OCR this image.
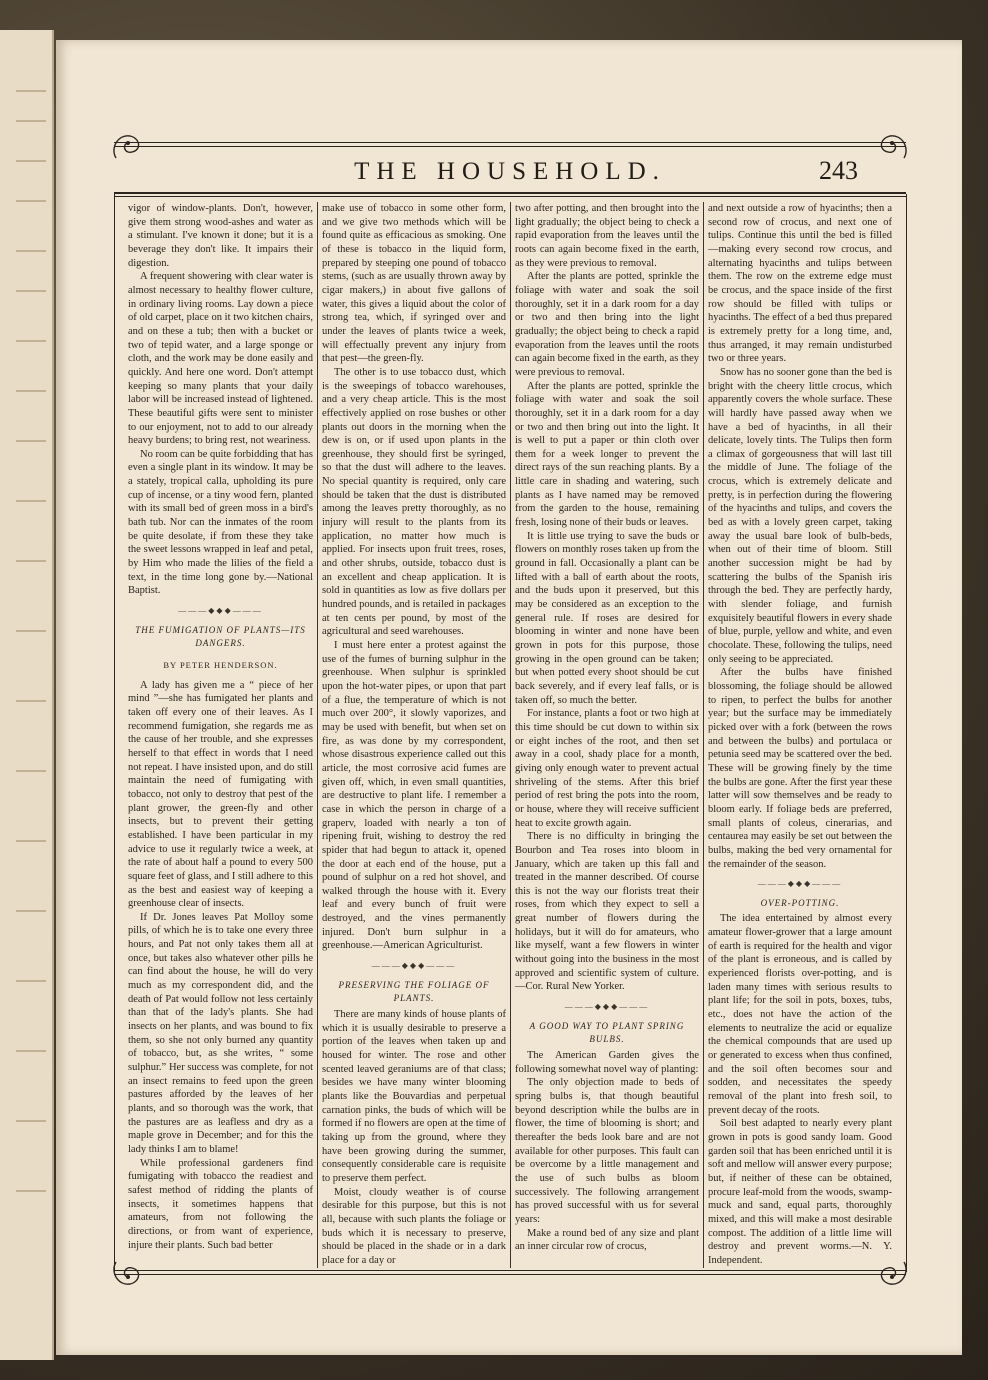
THE HOUSEHOLD.	243

vigor of window-plants. Don't, however, give them strong wood-ashes and water as a stimulant. I've known it done; but it is a beverage they don't like. It impairs their digestion.

A frequent showering with clear water is almost necessary to healthy flower culture, in ordinary living rooms. Lay down a piece of old carpet, place on it two kitchen chairs, and on these a tub; then with a bucket or two of tepid water, and a large sponge or cloth, and the work may be done easily and quickly. And here one word. Don't attempt keeping so many plants that your daily labor will be increased instead of lightened. These beautiful gifts were sent to minister to our enjoyment, not to add to our already heavy burdens; to bring rest, not weariness.

No room can be quite forbidding that has even a single plant in its window. It may be a stately, tropical calla, upholding its pure cup of incense, or a tiny wood fern, planted with its small bed of green moss in a bird's bath tub. Nor can the inmates of the room be quite desolate, if from these they take the sweet lessons wrapped in leaf and petal, by Him who made the lilies of the field a text, in the time long gone by.—National Baptist.

———◆◆◆———

THE FUMIGATION OF PLANTS—ITS DANGERS.

BY PETER HENDERSON.

A lady has given me a “ piece of her mind ”—she has fumigated her plants and taken off every one of their leaves. As I recommend fumigation, she regards me as the cause of her trouble, and she expresses herself to that effect in words that I need not repeat. I have insisted upon, and do still maintain the need of fumigating with tobacco, not only to destroy that pest of the plant grower, the green-fly and other insects, but to prevent their getting established. I have been particular in my advice to use it regularly twice a week, at the rate of about half a pound to every 500 square feet of glass, and I still adhere to this as the best and easiest way of keeping a greenhouse clear of insects.

If Dr. Jones leaves Pat Molloy some pills, of which he is to take one every three hours, and Pat not only takes them all at once, but takes also whatever other pills he can find about the house, he will do very much as my correspondent did, and the death of Pat would follow not less certainly than that of the lady's plants. She had insects on her plants, and was bound to fix them, so she not only burned any quantity of tobacco, but, as she writes, “ some sulphur.” Her success was complete, for not an insect remains to feed upon the green pastures afforded by the leaves of her plants, and so thorough was the work, that the pastures are as leafless and dry as a maple grove in December; and for this the lady thinks I am to blame!

While professional gardeners find fumigating with tobacco the readiest and safest method of ridding the plants of insects, it sometimes happens that amateurs, from not following the directions, or from want of experience, injure their plants. Such bad better

make use of tobacco in some other form, and we give two methods which will be found quite as efficacious as smoking. One of these is tobacco in the liquid form, prepared by steeping one pound of tobacco stems, (such as are usually thrown away by cigar makers,) in about five gallons of water, this gives a liquid about the color of strong tea, which, if syringed over and under the leaves of plants twice a week, will effectually prevent any injury from that pest—the green-fly.

The other is to use tobacco dust, which is the sweepings of tobacco warehouses, and a very cheap article. This is the most effectively applied on rose bushes or other plants out doors in the morning when the dew is on, or if used upon plants in the greenhouse, they should first be syringed, so that the dust will adhere to the leaves. No special quantity is required, only care should be taken that the dust is distributed among the leaves pretty thoroughly, as no injury will result to the plants from its application, no matter how much is applied. For insects upon fruit trees, roses, and other shrubs, outside, tobacco dust is an excellent and cheap application. It is sold in quantities as low as five dollars per hundred pounds, and is retailed in packages at ten cents per pound, by most of the agricultural and seed warehouses.

I must here enter a protest against the use of the fumes of burning sulphur in the greenhouse. When sulphur is sprinkled upon the hot-water pipes, or upon that part of a flue, the temperature of which is not much over 200°, it slowly vaporizes, and may be used with benefit, but when set on fire, as was done by my correspondent, whose disastrous experience called out this article, the most corrosive acid fumes are given off, which, in even small quantities, are destructive to plant life. I remember a case in which the person in charge of a graperv, loaded with nearly a ton of ripening fruit, wishing to destroy the red spider that had begun to attack it, opened the door at each end of the house, put a pound of sulphur on a red hot shovel, and walked through the house with it. Every leaf and every bunch of fruit were destroyed, and the vines permanently injured. Don't burn sulphur in a greenhouse.—American Agriculturist.

———◆◆◆———

PRESERVING THE FOLIAGE OF PLANTS.

There are many kinds of house plants of which it is usually desirable to preserve a portion of the leaves when taken up and housed for winter. The rose and other scented leaved geraniums are of that class; besides we have many winter blooming plants like the Bouvardias and perpetual carnation pinks, the buds of which will be formed if no flowers are open at the time of taking up from the ground, where they have been growing during the summer, consequently considerable care is requisite to preserve them perfect.

Moist, cloudy weather is of course desirable for this purpose, but this is not all, because with such plants the foliage or buds which it is necessary to preserve, should be placed in the shade or in a dark place for a day or

two after potting, and then brought into the light gradually; the object being to check a rapid evaporation from the leaves until the roots can again become fixed in the earth, as they were previous to removal.

After the plants are potted, sprinkle the foliage with water and soak the soil thoroughly, set it in a dark room for a day or two and then bring into the light gradually; the object being to check a rapid evaporation from the leaves until the roots can again become fixed in the earth, as they were previous to removal.

After the plants are potted, sprinkle the foliage with water and soak the soil thoroughly, set it in a dark room for a day or two and then bring out into the light. It is well to put a paper or thin cloth over them for a week longer to prevent the direct rays of the sun reaching plants. By a little care in shading and watering, such plants as I have named may be removed from the garden to the house, remaining fresh, losing none of their buds or leaves.

It is little use trying to save the buds or flowers on monthly roses taken up from the ground in fall. Occasionally a plant can be lifted with a ball of earth about the roots, and the buds upon it preserved, but this may be considered as an exception to the general rule. If roses are desired for blooming in winter and none have been grown in pots for this purpose, those growing in the open ground can be taken; but when potted every shoot should be cut back severely, and if every leaf falls, or is taken off, so much the better.

For instance, plants a foot or two high at this time should be cut down to within six or eight inches of the root, and then set away in a cool, shady place for a month, giving only enough water to prevent actual shriveling of the stems. After this brief period of rest bring the pots into the room, or house, where they will receive sufficient heat to excite growth again.

There is no difficulty in bringing the Bourbon and Tea roses into bloom in January, which are taken up this fall and treated in the manner described. Of course this is not the way our florists treat their roses, from which they expect to sell a great number of flowers during the holidays, but it will do for amateurs, who like myself, want a few flowers in winter without going into the business in the most approved and scientific system of culture.—Cor. Rural New Yorker.

———◆◆◆———

A GOOD WAY TO PLANT SPRING BULBS.

The American Garden gives the following somewhat novel way of planting:

The only objection made to beds of spring bulbs is, that though beautiful beyond description while the bulbs are in flower, the time of blooming is short; and thereafter the beds look bare and are not available for other purposes. This fault can be overcome by a little management and the use of such bulbs as bloom successively. The following arrangement has proved successful with us for several years:

Make a round bed of any size and plant an inner circular row of crocus,

and next outside a row of hyacinths; then a second row of crocus, and next one of tulips. Continue this until the bed is filled—making every second row crocus, and alternating hyacinths and tulips between them. The row on the extreme edge must be crocus, and the space inside of the first row should be filled with tulips or hyacinths. The effect of a bed thus prepared is extremely pretty for a long time, and, thus arranged, it may remain undisturbed two or three years.

Snow has no sooner gone than the bed is bright with the cheery little crocus, which apparently covers the whole surface. These will hardly have passed away when we have a bed of hyacinths, in all their delicate, lovely tints. The Tulips then form a climax of gorgeousness that will last till the middle of June. The foliage of the crocus, which is extremely delicate and pretty, is in perfection during the flowering of the hyacinths and tulips, and covers the bed as with a lovely green carpet, taking away the usual bare look of bulb-beds, when out of their time of bloom. Still another succession might be had by scattering the bulbs of the Spanish iris through the bed. They are perfectly hardy, with slender foliage, and furnish exquisitely beautiful flowers in every shade of blue, purple, yellow and white, and even chocolate. These, following the tulips, need only seeing to be appreciated.

After the bulbs have finished blossoming, the foliage should be allowed to ripen, to perfect the bulbs for another year; but the surface may be immediately picked over with a fork (between the rows and between the bulbs) and portulaca or petunia seed may be scattered over the bed. These will be growing finely by the time the bulbs are gone. After the first year these latter will sow themselves and be ready to bloom early. If foliage beds are preferred, small plants of coleus, cinerarias, and centaurea may easily be set out between the bulbs, making the bed very ornamental for the remainder of the season.

———◆◆◆———

OVER-POTTING.

The idea entertained by almost every amateur flower-grower that a large amount of earth is required for the health and vigor of the plant is erroneous, and is called by experienced florists over-potting, and is laden many times with serious results to plant life; for the soil in pots, boxes, tubs, etc., does not have the action of the elements to neutralize the acid or equalize the chemical compounds that are used up or generated to excess when thus confined, and the soil often becomes sour and sodden, and necessitates the speedy removal of the plant into fresh soil, to prevent decay of the roots.

Soil best adapted to nearly every plant grown in pots is good sandy loam. Good garden soil that has been enriched until it is soft and mellow will answer every purpose; but, if neither of these can be obtained, procure leaf-mold from the woods, swamp-muck and sand, equal parts, thoroughly mixed, and this will make a most desirable compost. The addition of a little lime will destroy and prevent worms.—N. Y. Independent.
